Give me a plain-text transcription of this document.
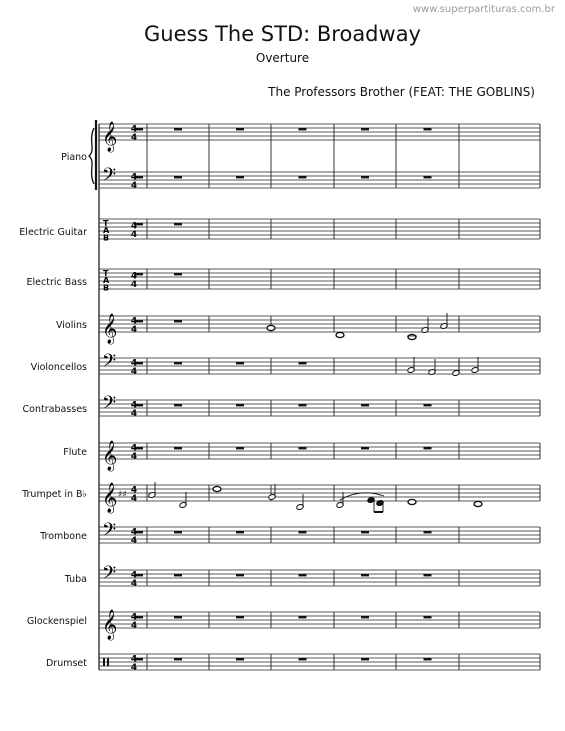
www.superpartituras.com.br
Guess The STD: Broadway
Overture
The Professors Brother (FEAT: THE GOBLINS)
Piano
Electric Guitar
Electric Bass
Violins
Violoncellos
Contrabasses
Flute
Trumpet in B♭
Trombone
Tuba
Glockenspiel
Drumset
𝄞
𝄢
T
A
B
T
A
B
𝄞
𝄢
𝄢
𝄞
𝄞
𝄢
𝄢
𝄞
♯♯
4
4
4
4
4
4
4
4
4
4
4
4
4
4
4
4
4
4
4
4
4
4
4
4
4
4
